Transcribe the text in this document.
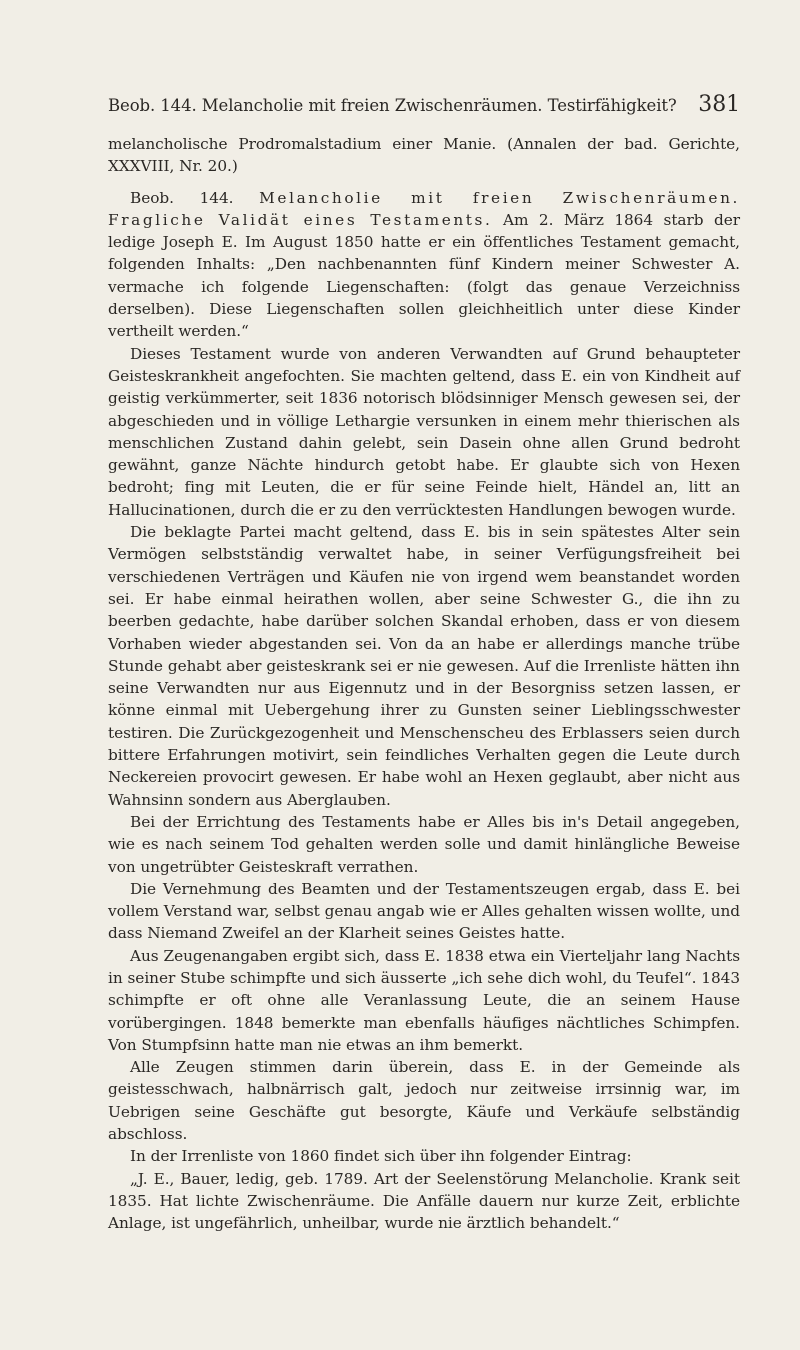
Beob. 144. Melancholie mit freien Zwischenräumen. Testirfähigkeit? 381

melancholische Prodromalstadium einer Manie. (Annalen der bad. Gerichte, XXXVIII, Nr. 20.)

Beob. 144. Melancholie mit freien Zwischenräumen. Fragliche Validät eines Testaments. Am 2. März 1864 starb der ledige Joseph E. Im August 1850 hatte er ein öffentliches Testament gemacht, folgenden Inhalts: „Den nachbenannten fünf Kindern meiner Schwester A. vermache ich folgende Liegenschaften: (folgt das genaue Verzeichniss derselben). Diese Liegenschaften sollen gleichheitlich unter diese Kinder vertheilt werden.“

Dieses Testament wurde von anderen Verwandten auf Grund behaupteter Geisteskrankheit angefochten. Sie machten geltend, dass E. ein von Kindheit auf geistig verkümmerter, seit 1836 notorisch blödsinniger Mensch gewesen sei, der abgeschieden und in völlige Lethargie versunken in einem mehr thierischen als menschlichen Zustand dahin gelebt, sein Dasein ohne allen Grund bedroht gewähnt, ganze Nächte hindurch getobt habe. Er glaubte sich von Hexen bedroht; fing mit Leuten, die er für seine Feinde hielt, Händel an, litt an Hallucinationen, durch die er zu den verrücktesten Handlungen bewogen wurde.

Die beklagte Partei macht geltend, dass E. bis in sein spätestes Alter sein Vermögen selbstständig verwaltet habe, in seiner Verfügungsfreiheit bei verschiedenen Verträgen und Käufen nie von irgend wem beanstandet worden sei. Er habe einmal heirathen wollen, aber seine Schwester G., die ihn zu beerben gedachte, habe darüber solchen Skandal erhoben, dass er von diesem Vorhaben wieder abgestanden sei. Von da an habe er allerdings manche trübe Stunde gehabt aber geisteskrank sei er nie gewesen. Auf die Irrenliste hätten ihn seine Verwandten nur aus Eigennutz und in der Besorgniss setzen lassen, er könne einmal mit Uebergehung ihrer zu Gunsten seiner Lieblingsschwester testiren. Die Zurückgezogenheit und Menschenscheu des Erblassers seien durch bittere Erfahrungen motivirt, sein feindliches Verhalten gegen die Leute durch Neckereien provocirt gewesen. Er habe wohl an Hexen geglaubt, aber nicht aus Wahnsinn sondern aus Aberglauben.

Bei der Errichtung des Testaments habe er Alles bis in's Detail angegeben, wie es nach seinem Tod gehalten werden solle und damit hinlängliche Beweise von ungetrübter Geisteskraft verrathen.

Die Vernehmung des Beamten und der Testamentszeugen ergab, dass E. bei vollem Verstand war, selbst genau angab wie er Alles gehalten wissen wollte, und dass Niemand Zweifel an der Klarheit seines Geistes hatte.

Aus Zeugenangaben ergibt sich, dass E. 1838 etwa ein Vierteljahr lang Nachts in seiner Stube schimpfte und sich äusserte „ich sehe dich wohl, du Teufel“. 1843 schimpfte er oft ohne alle Veranlassung Leute, die an seinem Hause vorübergingen. 1848 bemerkte man ebenfalls häufiges nächtliches Schimpfen. Von Stumpfsinn hatte man nie etwas an ihm bemerkt.

Alle Zeugen stimmen darin überein, dass E. in der Gemeinde als geistesschwach, halbnärrisch galt, jedoch nur zeitweise irrsinnig war, im Uebrigen seine Geschäfte gut besorgte, Käufe und Verkäufe selbständig abschloss.

In der Irrenliste von 1860 findet sich über ihn folgender Eintrag:

„J. E., Bauer, ledig, geb. 1789. Art der Seelenstörung Melancholie. Krank seit 1835. Hat lichte Zwischenräume. Die Anfälle dauern nur kurze Zeit, erblichte Anlage, ist ungefährlich, unheilbar, wurde nie ärztlich behandelt.“
